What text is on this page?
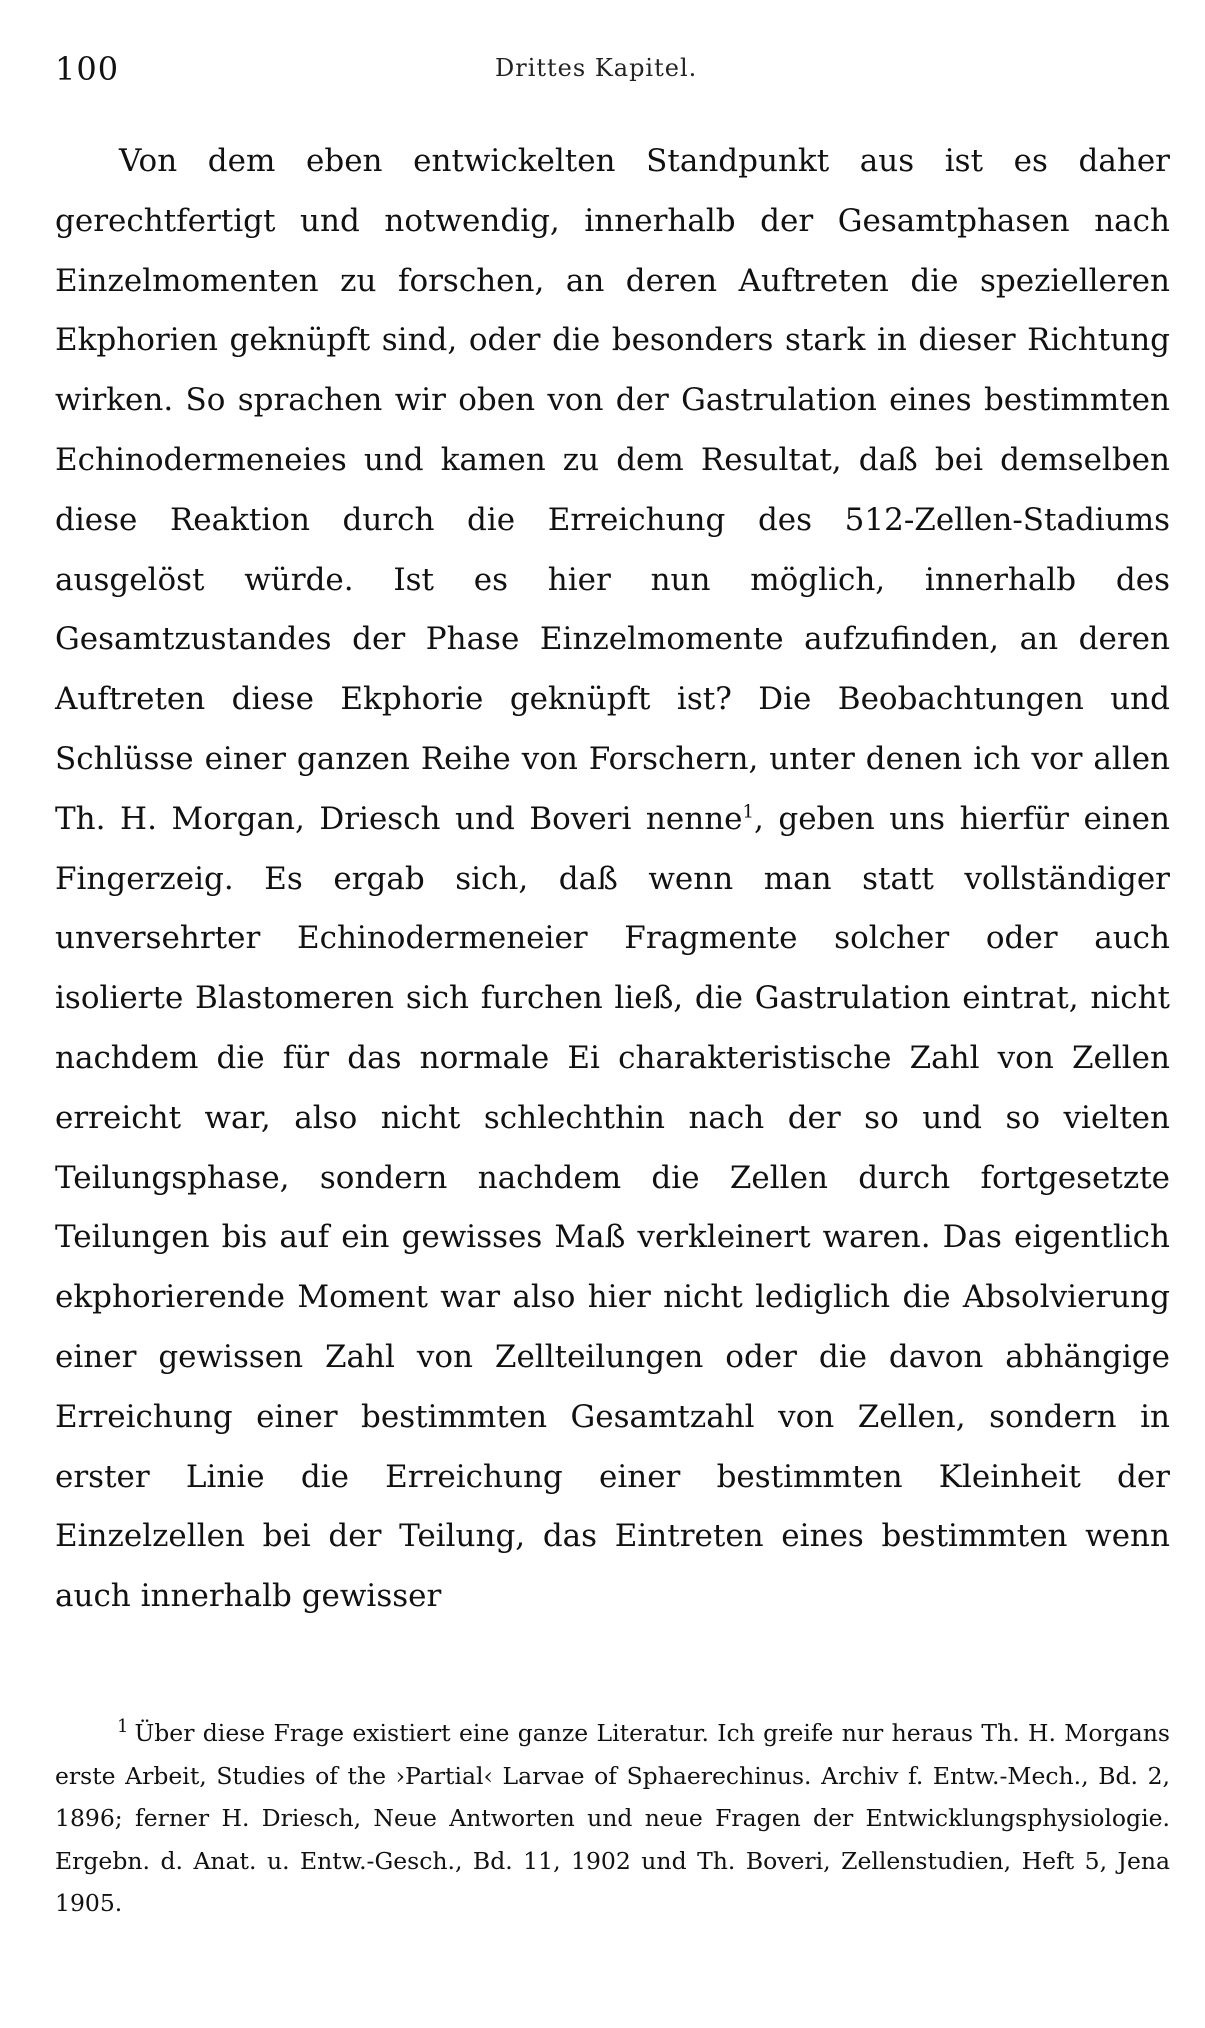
100	Drittes Kapitel.

Von dem eben entwickelten Standpunkt aus ist es daher gerechtfertigt und notwendig, innerhalb der Gesamtphasen nach Einzelmomenten zu forschen, an deren Auftreten die spezielleren Ekphorien geknüpft sind, oder die besonders stark in dieser Richtung wirken. So sprachen wir oben von der Gastrulation eines bestimmten Echinodermeneies und kamen zu dem Resultat, daß bei demselben diese Reaktion durch die Erreichung des 512-Zellen-Stadiums ausgelöst würde. Ist es hier nun möglich, innerhalb des Gesamtzustandes der Phase Einzelmomente aufzufinden, an deren Auftreten diese Ekphorie geknüpft ist? Die Beobachtungen und Schlüsse einer ganzen Reihe von Forschern, unter denen ich vor allen Th. H. Morgan, Driesch und Boveri nenne$^1$, geben uns hierfür einen Fingerzeig. Es ergab sich, daß wenn man statt vollständiger unversehrter Echinodermeneier Fragmente solcher oder auch isolierte Blastomeren sich furchen ließ, die Gastrulation eintrat, nicht nachdem die für das normale Ei charakteristische Zahl von Zellen erreicht war, also nicht schlechthin nach der so und so vielten Teilungsphase, sondern nachdem die Zellen durch fortgesetzte Teilungen bis auf ein gewisses Maß verkleinert waren. Das eigentlich ekphorierende Moment war also hier nicht lediglich die Absolvierung einer gewissen Zahl von Zellteilungen oder die davon abhängige Erreichung einer bestimmten Gesamtzahl von Zellen, sondern in erster Linie die Erreichung einer bestimmten Kleinheit der Einzelzellen bei der Teilung, das Eintreten eines bestimmten wenn auch innerhalb gewisser

$^1$ Über diese Frage existiert eine ganze Literatur. Ich greife nur heraus Th. H. Morgans erste Arbeit, Studies of the ›Partial‹ Larvae of Sphaerechinus. Archiv f. Entw.-Mech., Bd. 2, 1896; ferner H. Driesch, Neue Antworten und neue Fragen der Entwicklungsphysiologie. Ergebn. d. Anat. u. Entw.-Gesch., Bd. 11, 1902 und Th. Boveri, Zellenstudien, Heft 5, Jena 1905.
